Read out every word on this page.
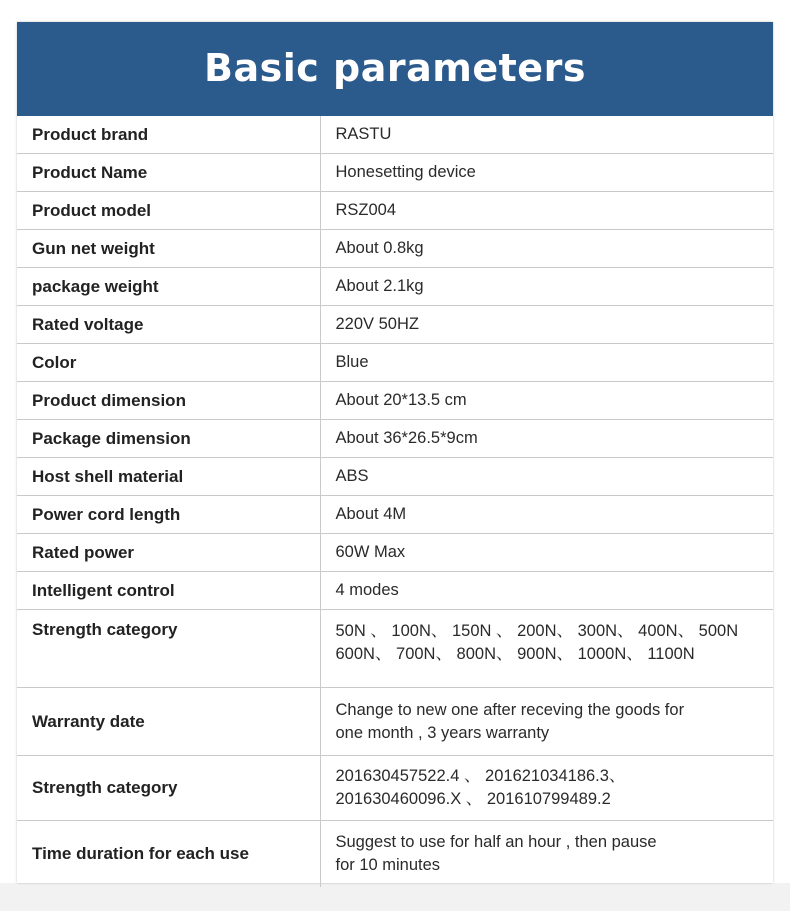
Basic parameters
Product brand	RASTU
Product Name	Honesetting device
Product model	RSZ004
Gun net weight	About 0.8kg
package weight	About 2.1kg
Rated voltage	220V 50HZ
Color	Blue
Product dimension	About 20*13.5 cm
Package dimension	About 36*26.5*9cm
Host shell material	ABS
Power cord length	About 4M
Rated power	60W Max
Intelligent control	4 modes
Strength category	50N 、 100N、 150N 、 200N、 300N、 400N、 500N
600N、 700N、 800N、 900N、 1000N、 1100N

Warranty date	Change to new one after receving the goods for
one month , 3 years warranty

Strength category	201630457522.4 、 201621034186.3、
201630460096.X 、 201610799489.2

Time duration for each use	Suggest to use for half an hour , then pause
for 10 minutes
